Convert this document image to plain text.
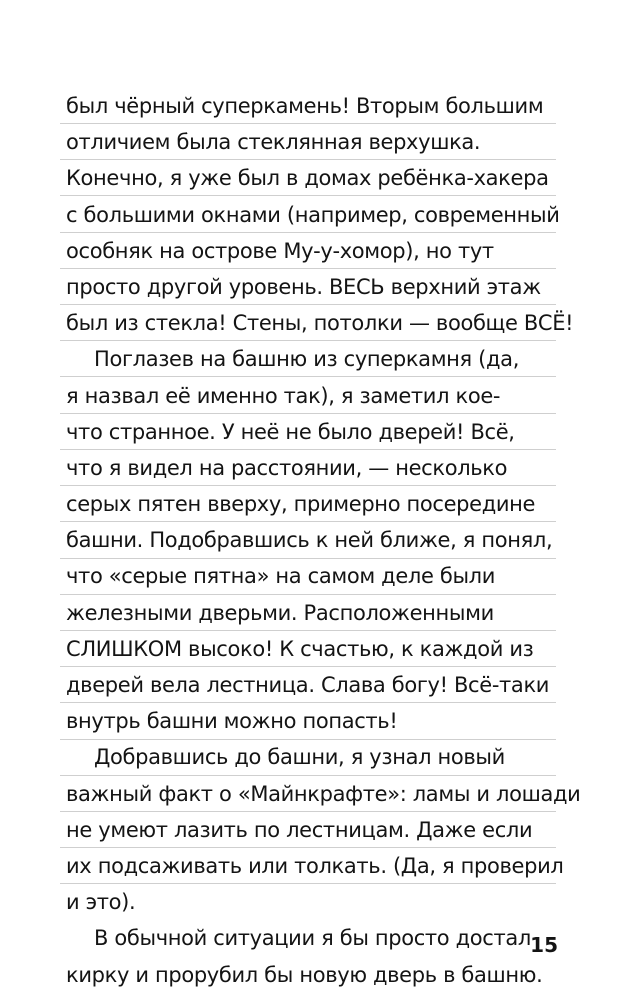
был чёрный суперкамень! Вторым большим
отличием была стеклянная верхушка.
Конечно, я уже был в домах ребёнка-хакера
с большими окнами (например, современный
особняк на острове Му-у-хомор), но тут
просто другой уровень. ВЕСЬ верхний этаж
был из стекла! Стены, потолки — вообще ВСЁ!
Поглазев на башню из суперкамня (да,
я назвал её именно так), я заметил кое-
что странное. У неё не было дверей! Всё,
что я видел на расстоянии, — несколько
серых пятен вверху, примерно посередине
башни. Подобравшись к ней ближе, я понял,
что «серые пятна» на самом деле были
железными дверьми. Расположенными
СЛИШКОМ высоко! К счастью, к каждой из
дверей вела лестница. Слава богу! Всё-таки
внутрь башни можно попасть!
Добравшись до башни, я узнал новый
важный факт о «Майнкрафте»: ламы и лошади
не умеют лазить по лестницам. Даже если
их подсаживать или толкать. (Да, я проверил
и это).
В обычной ситуации я бы просто достал
кирку и прорубил бы новую дверь в башню.
15
